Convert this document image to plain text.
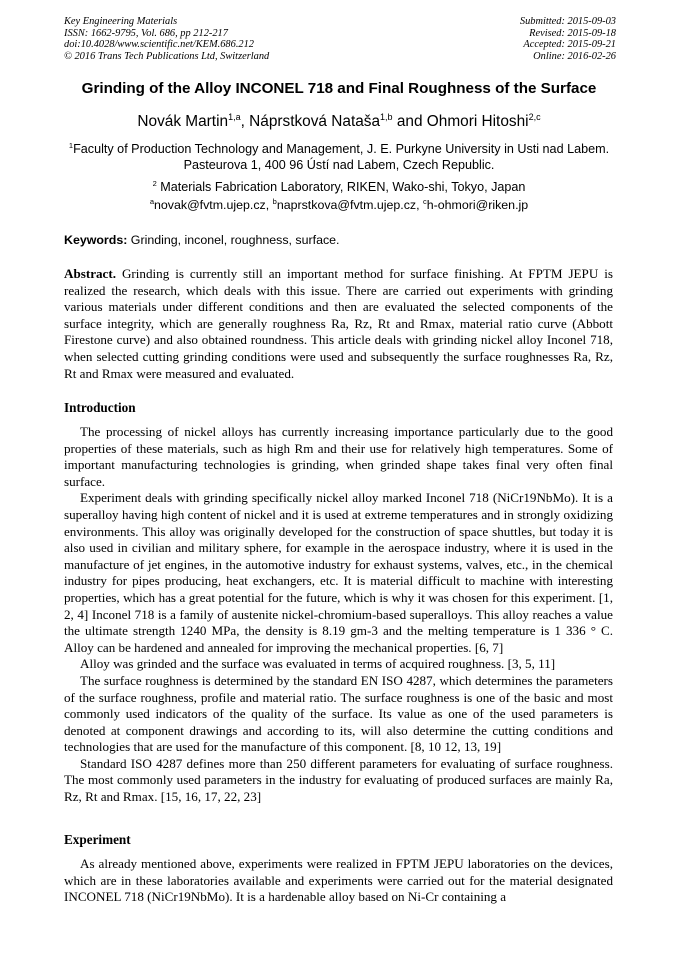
Key Engineering Materials
ISSN: 1662-9795, Vol. 686, pp 212-217
doi:10.4028/www.scientific.net/KEM.686.212
© 2016 Trans Tech Publications Ltd, Switzerland
Submitted: 2015-09-03
Revised: 2015-09-18
Accepted: 2015-09-21
Online: 2016-02-26
Grinding of the Alloy INCONEL 718 and Final Roughness of the Surface
Novák Martin$^{1,a}$, Náprstková Nataša$^{1,b}$ and Ohmori Hitoshi$^{2,c}$
$^1$Faculty of Production Technology and Management, J. E. Purkyne University in Usti nad Labem.
Pasteurova 1, 400 96 Ústí nad Labem, Czech Republic.
$^2$ Materials Fabrication Laboratory, RIKEN, Wako-shi, Tokyo, Japan
$^a$novak@fvtm.ujep.cz, $^b$naprstkova@fvtm.ujep.cz, $^c$h-ohmori@riken.jp
Keywords: Grinding, inconel, roughness, surface.

Abstract. Grinding is currently still an important method for surface finishing. At FPTM JEPU is realized the research, which deals with this issue. There are carried out experiments with grinding various materials under different conditions and then are evaluated the selected components of the surface integrity, which are generally roughness Ra, Rz, Rt and Rmax, material ratio curve (Abbott Firestone curve) and also obtained roundness. This article deals with grinding nickel alloy Inconel 718, when selected cutting grinding conditions were used and subsequently the surface roughnesses Ra, Rz, Rt and Rmax were measured and evaluated.

Introduction

The processing of nickel alloys has currently increasing importance particularly due to the good properties of these materials, such as high Rm and their use for relatively high temperatures. Some of important manufacturing technologies is grinding, when grinded shape takes final very often final surface.

Experiment deals with grinding specifically nickel alloy marked Inconel 718 (NiCr19NbMo). It is a superalloy having high content of nickel and it is used at extreme temperatures and in strongly oxidizing environments. This alloy was originally developed for the construction of space shuttles, but today it is also used in civilian and military sphere, for example in the aerospace industry, where it is used in the manufacture of jet engines, in the automotive industry for exhaust systems, valves, etc., in the chemical industry for pipes producing, heat exchangers, etc. It is material difficult to machine with interesting properties, which has a great potential for the future, which is why it was chosen for this experiment. [1, 2, 4] Inconel 718 is a family of austenite nickel-chromium-based superalloys. This alloy reaches a value the ultimate strength 1240 MPa, the density is 8.19 gm-3 and the melting temperature is 1 336 ° C. Alloy can be hardened and annealed for improving the mechanical properties. [6, 7]

Alloy was grinded and the surface was evaluated in terms of acquired roughness. [3, 5, 11]

The surface roughness is determined by the standard EN ISO 4287, which determines the parameters of the surface roughness, profile and material ratio. The surface roughness is one of the basic and most commonly used indicators of the quality of the surface. Its value as one of the used parameters is denoted at component drawings and according to its, will also determine the cutting conditions and technologies that are used for the manufacture of this component. [8, 10 12, 13, 19]

Standard ISO 4287 defines more than 250 different parameters for evaluating of surface roughness. The most commonly used parameters in the industry for evaluating of produced surfaces are mainly Ra, Rz, Rt and Rmax. [15, 16, 17, 22, 23]

Experiment

As already mentioned above, experiments were realized in FPTM JEPU laboratories on the devices, which are in these laboratories available and experiments were carried out for the material designated INCONEL 718 (NiCr19NbMo). It is a hardenable alloy based on Ni-Cr containing a
